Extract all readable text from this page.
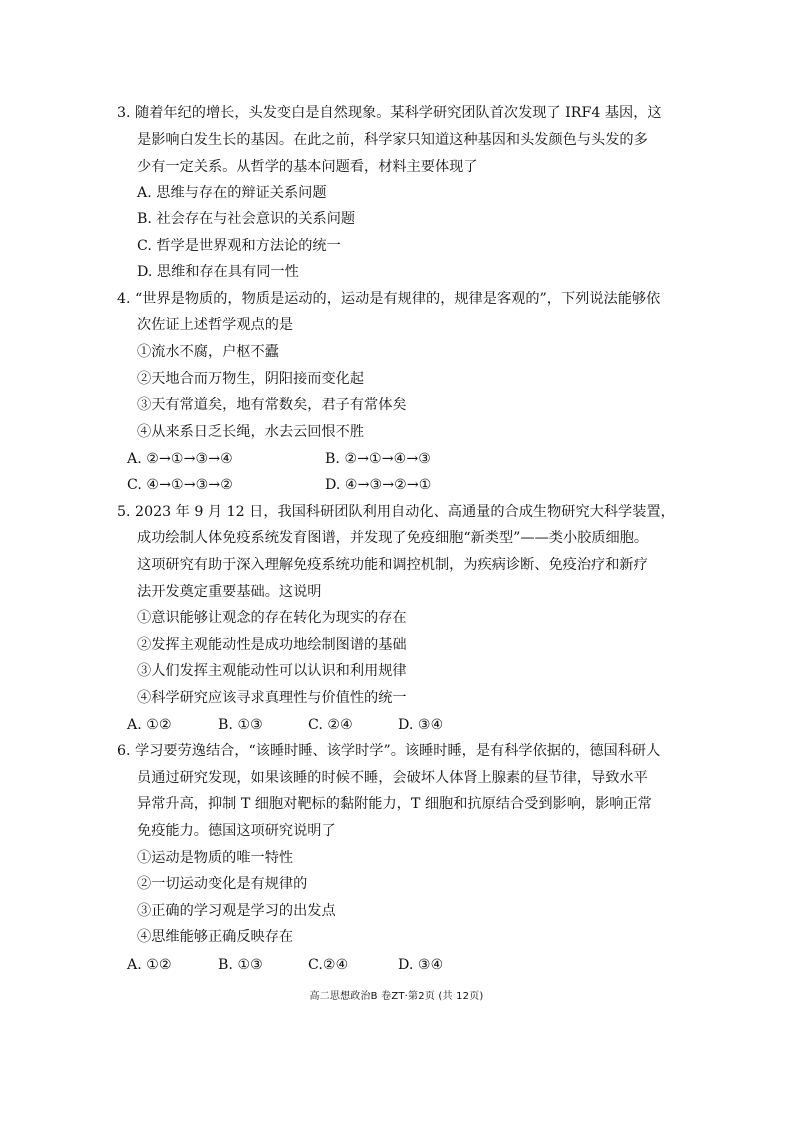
3. 随着年纪的增长，头发变白是自然现象。某科学研究团队首次发现了 IRF4 基因，这
是影响白发生长的基因。在此之前，科学家只知道这种基因和头发颜色与头发的多
少有一定关系。从哲学的基本问题看，材料主要体现了
A. 思维与存在的辩证关系问题
B. 社会存在与社会意识的关系问题
C. 哲学是世界观和方法论的统一
D. 思维和存在具有同一性
4. “世界是物质的，物质是运动的，运动是有规律的，规律是客观的”，下列说法能够依
次佐证上述哲学观点的是
①流水不腐，户枢不蠹
②天地合而万物生，阴阳接而变化起
③天有常道矣，地有常数矣，君子有常体矣
④从来系日乏长绳，水去云回恨不胜
A. ②→①→③→④	B. ②→①→④→③
C. ④→①→③→②	D. ④→③→②→①
5. 2023 年 9 月 12 日，我国科研团队利用自动化、高通量的合成生物研究大科学装置，
成功绘制人体免疫系统发育图谱，并发现了免疫细胞“新类型”——类小胶质细胞。
这项研究有助于深入理解免疫系统功能和调控机制，为疾病诊断、免疫治疗和新疗
法开发奠定重要基础。这说明
①意识能够让观念的存在转化为现实的存在
②发挥主观能动性是成功地绘制图谱的基础
③人们发挥主观能动性可以认识和利用规律
④科学研究应该寻求真理性与价值性的统一
A. ①②	B. ①③	C. ②④	D. ③④
6. 学习要劳逸结合，“该睡时睡、该学时学”。该睡时睡，是有科学依据的，德国科研人
员通过研究发现，如果该睡的时候不睡，会破坏人体肾上腺素的昼节律，导致水平
异常升高，抑制 T 细胞对靶标的黏附能力，T 细胞和抗原结合受到影响，影响正常
免疫能力。德国这项研究说明了
①运动是物质的唯一特性
②一切运动变化是有规律的
③正确的学习观是学习的出发点
④思维能够正确反映存在
A. ①②	B. ①③	C.②④	D. ③④
高二思想政治B 卷ZT·第2页 (共 12页)
